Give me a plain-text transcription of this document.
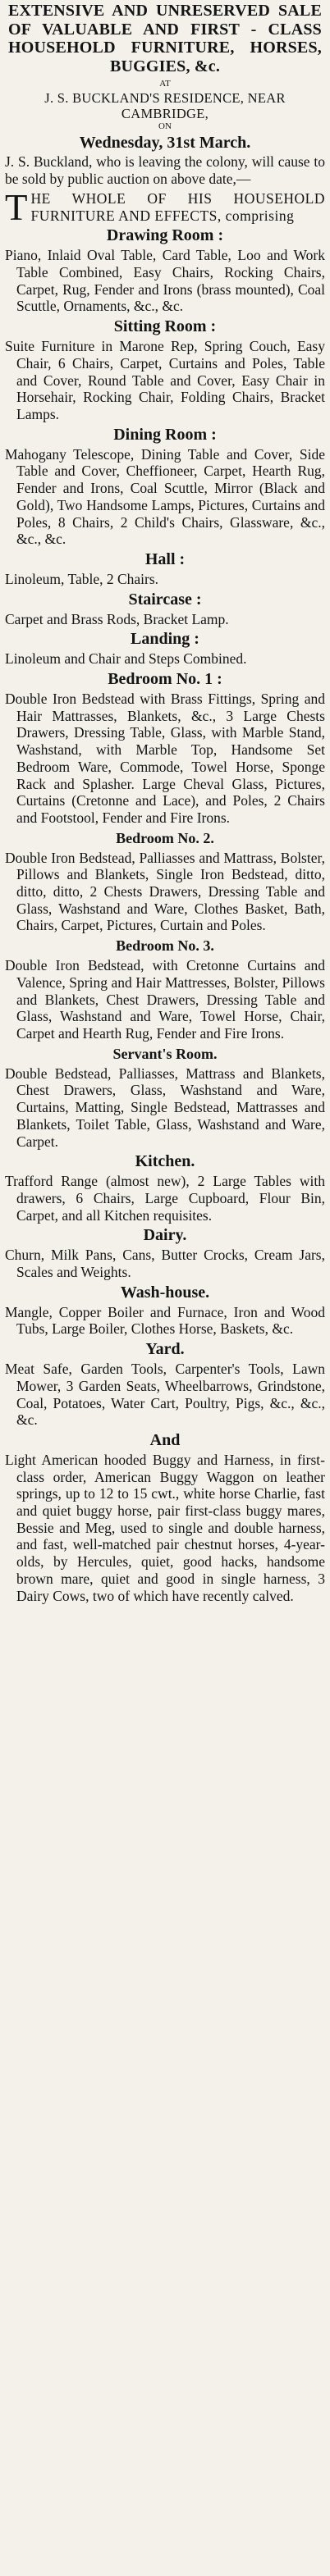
EXTENSIVE AND UNRESERVED SALE OF VALUABLE AND FIRST - CLASS HOUSEHOLD FURNITURE, HORSES, BUGGIES, &c.

AT

J. S. BUCKLAND'S RESIDENCE, NEAR CAMBRIDGE,

ON

Wednesday, 31st March.

J. S. Buckland, who is leaving the colony, will cause to be sold by public auction on above date,—

THE WHOLE OF HIS HOUSEHOLD FURNITURE AND EFFECTS, comprising

Drawing Room :

Piano, Inlaid Oval Table, Card Table, Loo and Work Table Combined, Easy Chairs, Rocking Chairs, Carpet, Rug, Fender and Irons (brass mounted), Coal Scuttle, Ornaments, &c., &c.

Sitting Room :

Suite Furniture in Marone Rep, Spring Couch, Easy Chair, 6 Chairs, Carpet, Curtains and Poles, Table and Cover, Round Table and Cover, Easy Chair in Horsehair, Rocking Chair, Folding Chairs, Bracket Lamps.

Dining Room :

Mahogany Telescope, Dining Table and Cover, Side Table and Cover, Cheffioneer, Carpet, Hearth Rug, Fender and Irons, Coal Scuttle, Mirror (Black and Gold), Two Handsome Lamps, Pictures, Curtains and Poles, 8 Chairs, 2 Child's Chairs, Glassware, &c., &c., &c.

Hall :

Linoleum, Table, 2 Chairs.

Staircase :

Carpet and Brass Rods, Bracket Lamp.

Landing :

Linoleum and Chair and Steps Combined.

Bedroom No. 1 :

Double Iron Bedstead with Brass Fittings, Spring and Hair Mattrasses, Blankets, &c., 3 Large Chests Drawers, Dressing Table, Glass, with Marble Stand, Washstand, with Marble Top, Handsome Set Bedroom Ware, Commode, Towel Horse, Sponge Rack and Splasher. Large Cheval Glass, Pictures, Curtains (Cretonne and Lace), and Poles, 2 Chairs and Footstool, Fender and Fire Irons.

Bedroom No. 2.

Double Iron Bedstead, Palliasses and Mattrass, Bolster, Pillows and Blankets, Single Iron Bedstead, ditto, ditto, ditto, 2 Chests Drawers, Dressing Table and Glass, Washstand and Ware, Clothes Basket, Bath, Chairs, Carpet, Pictures, Curtain and Poles.

Bedroom No. 3.

Double Iron Bedstead, with Cretonne Curtains and Valence, Spring and Hair Mattresses, Bolster, Pillows and Blankets, Chest Drawers, Dressing Table and Glass, Washstand and Ware, Towel Horse, Chair, Carpet and Hearth Rug, Fender and Fire Irons.

Servant's Room.

Double Bedstead, Palliasses, Mattrass and Blankets, Chest Drawers, Glass, Washstand and Ware, Curtains, Matting, Single Bedstead, Mattrasses and Blankets, Toilet Table, Glass, Washstand and Ware, Carpet.

Kitchen.

Trafford Range (almost new), 2 Large Tables with drawers, 6 Chairs, Large Cupboard, Flour Bin, Carpet, and all Kitchen requisites.

Dairy.

Churn, Milk Pans, Cans, Butter Crocks, Cream Jars, Scales and Weights.

Wash-house.

Mangle, Copper Boiler and Furnace, Iron and Wood Tubs, Large Boiler, Clothes Horse, Baskets, &c.

Yard.

Meat Safe, Garden Tools, Carpenter's Tools, Lawn Mower, 3 Garden Seats, Wheelbarrows, Grindstone, Coal, Potatoes, Water Cart, Poultry, Pigs, &c., &c., &c.

And

Light American hooded Buggy and Harness, in first-class order, American Buggy Waggon on leather springs, up to 12 to 15 cwt., white horse Charlie, fast and quiet buggy horse, pair first-class buggy mares, Bessie and Meg, used to single and double harness, and fast, well-matched pair chestnut horses, 4-year-olds, by Hercules, quiet, good hacks, handsome brown mare, quiet and good in single harness, 3 Dairy Cows, two of which have recently calved.
